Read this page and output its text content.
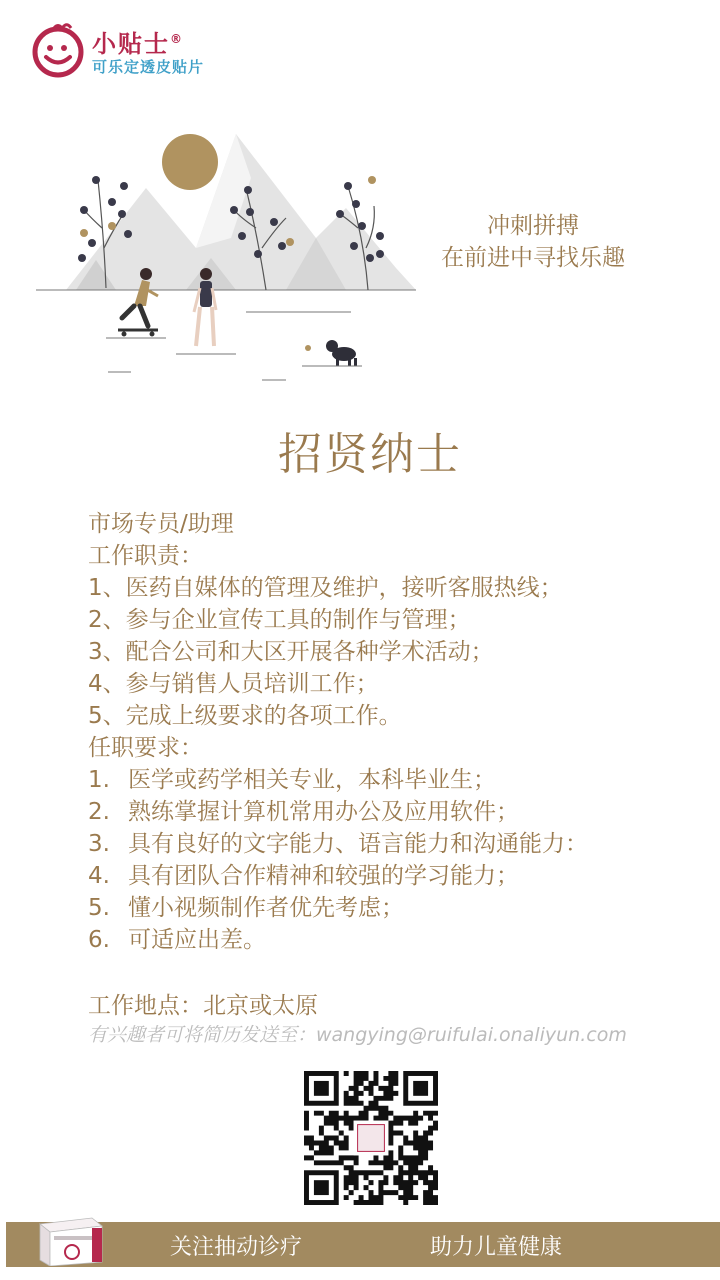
小贴士®
可乐定透皮贴片
冲刺拼搏
在前进中寻找乐趣
招贤纳士
市场专员/助理
工作职责：
1、医药自媒体的管理及维护，接听客服热线；
2、参与企业宣传工具的制作与管理；
3、配合公司和大区开展各种学术活动；
4、参与销售人员培训工作；
5、完成上级要求的各项工作。
任职要求：
1. 医学或药学相关专业，本科毕业生；
2. 熟练掌握计算机常用办公及应用软件；
3. 具有良好的文字能力、语言能力和沟通能力：
4. 具有团队合作精神和较强的学习能力；
5. 懂小视频制作者优先考虑；
6. 可适应出差。
工作地点：北京或太原
有兴趣者可将简历发送至：wangying@ruifulai.onaliyun.com
关注抽动诊疗	助力儿童健康
